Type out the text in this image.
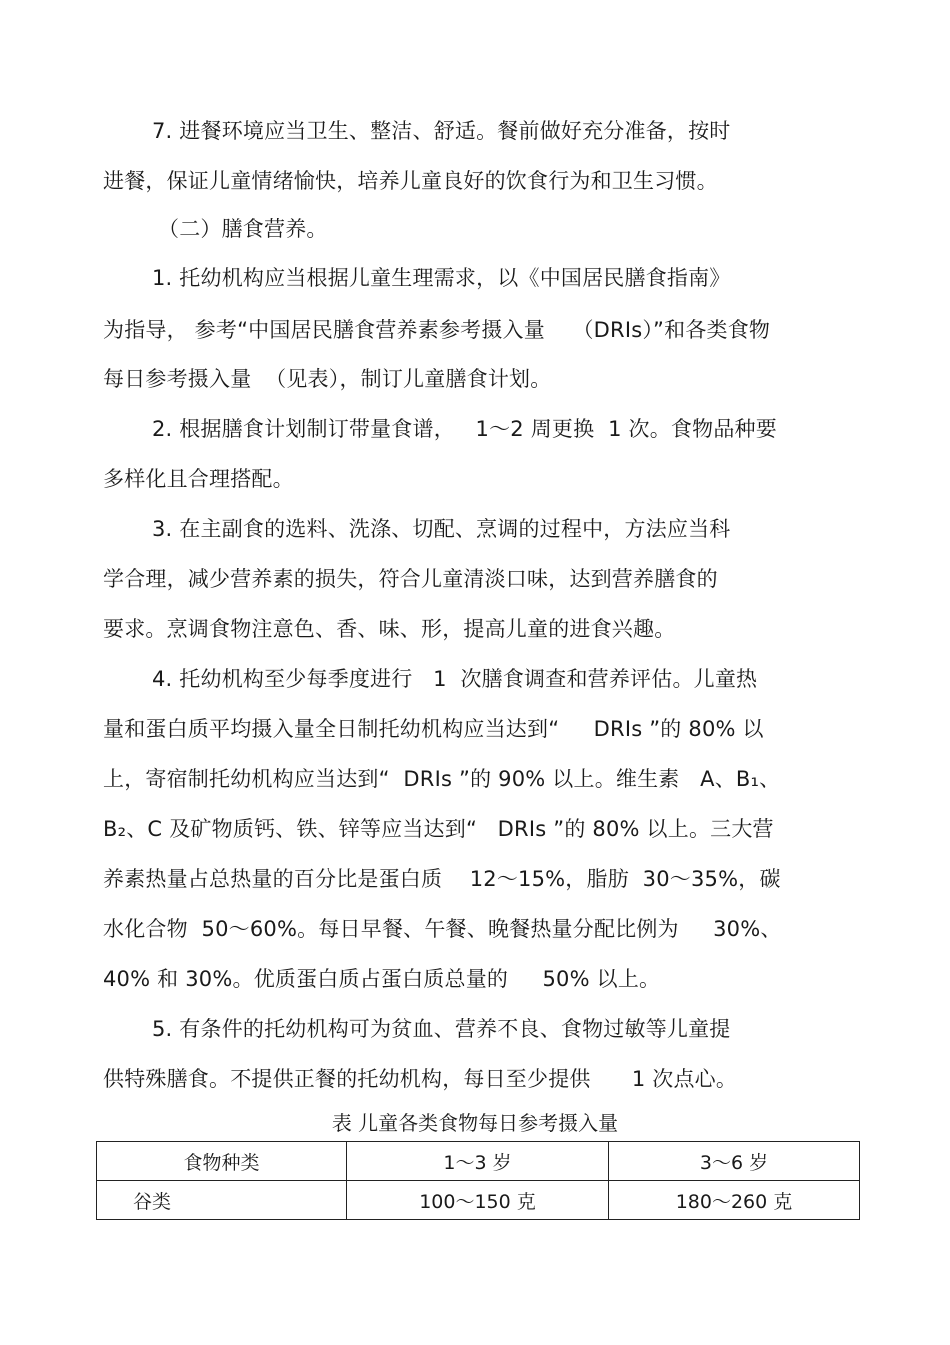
7. 进餐环境应当卫生、整洁、舒适。餐前做好充分准备，按时
进餐，保证儿童情绪愉快，培养儿童良好的饮食行为和卫生习惯。
（二）膳食营养。
1. 托幼机构应当根据儿童生理需求，以《中国居民膳食指南》
为指导， 参考“中国居民膳食营养素参考摄入量    （DRIs）”和各类食物
每日参考摄入量  （见表），制订儿童膳食计划。
2. 根据膳食计划制订带量食谱，   1～2 周更换  1 次。食物品种要
多样化且合理搭配。
3. 在主副食的选料、洗涤、切配、烹调的过程中，方法应当科
学合理，减少营养素的损失，符合儿童清淡口味，达到营养膳食的
要求。烹调食物注意色、香、味、形，提高儿童的进食兴趣。
4. 托幼机构至少每季度进行   1  次膳食调查和营养评估。儿童热
量和蛋白质平均摄入量全日制托幼机构应当达到“     DRIs ”的 80% 以
上，寄宿制托幼机构应当达到“  DRIs ”的 90% 以上。维生素   A、B₁、
B₂、C 及矿物质钙、铁、锌等应当达到“   DRIs ”的 80% 以上。三大营
养素热量占总热量的百分比是蛋白质    12～15%，脂肪  30～35%，碳
水化合物  50～60%。每日早餐、午餐、晚餐热量分配比例为     30%、
40% 和 30%。优质蛋白质占蛋白质总量的     50% 以上。
5. 有条件的托幼机构可为贫血、营养不良、食物过敏等儿童提
供特殊膳食。不提供正餐的托幼机构，每日至少提供      1 次点心。
表 儿童各类食物每日参考摄入量
食物种类	1～3 岁	3～6 岁
谷类	100～150 克	180～260 克
